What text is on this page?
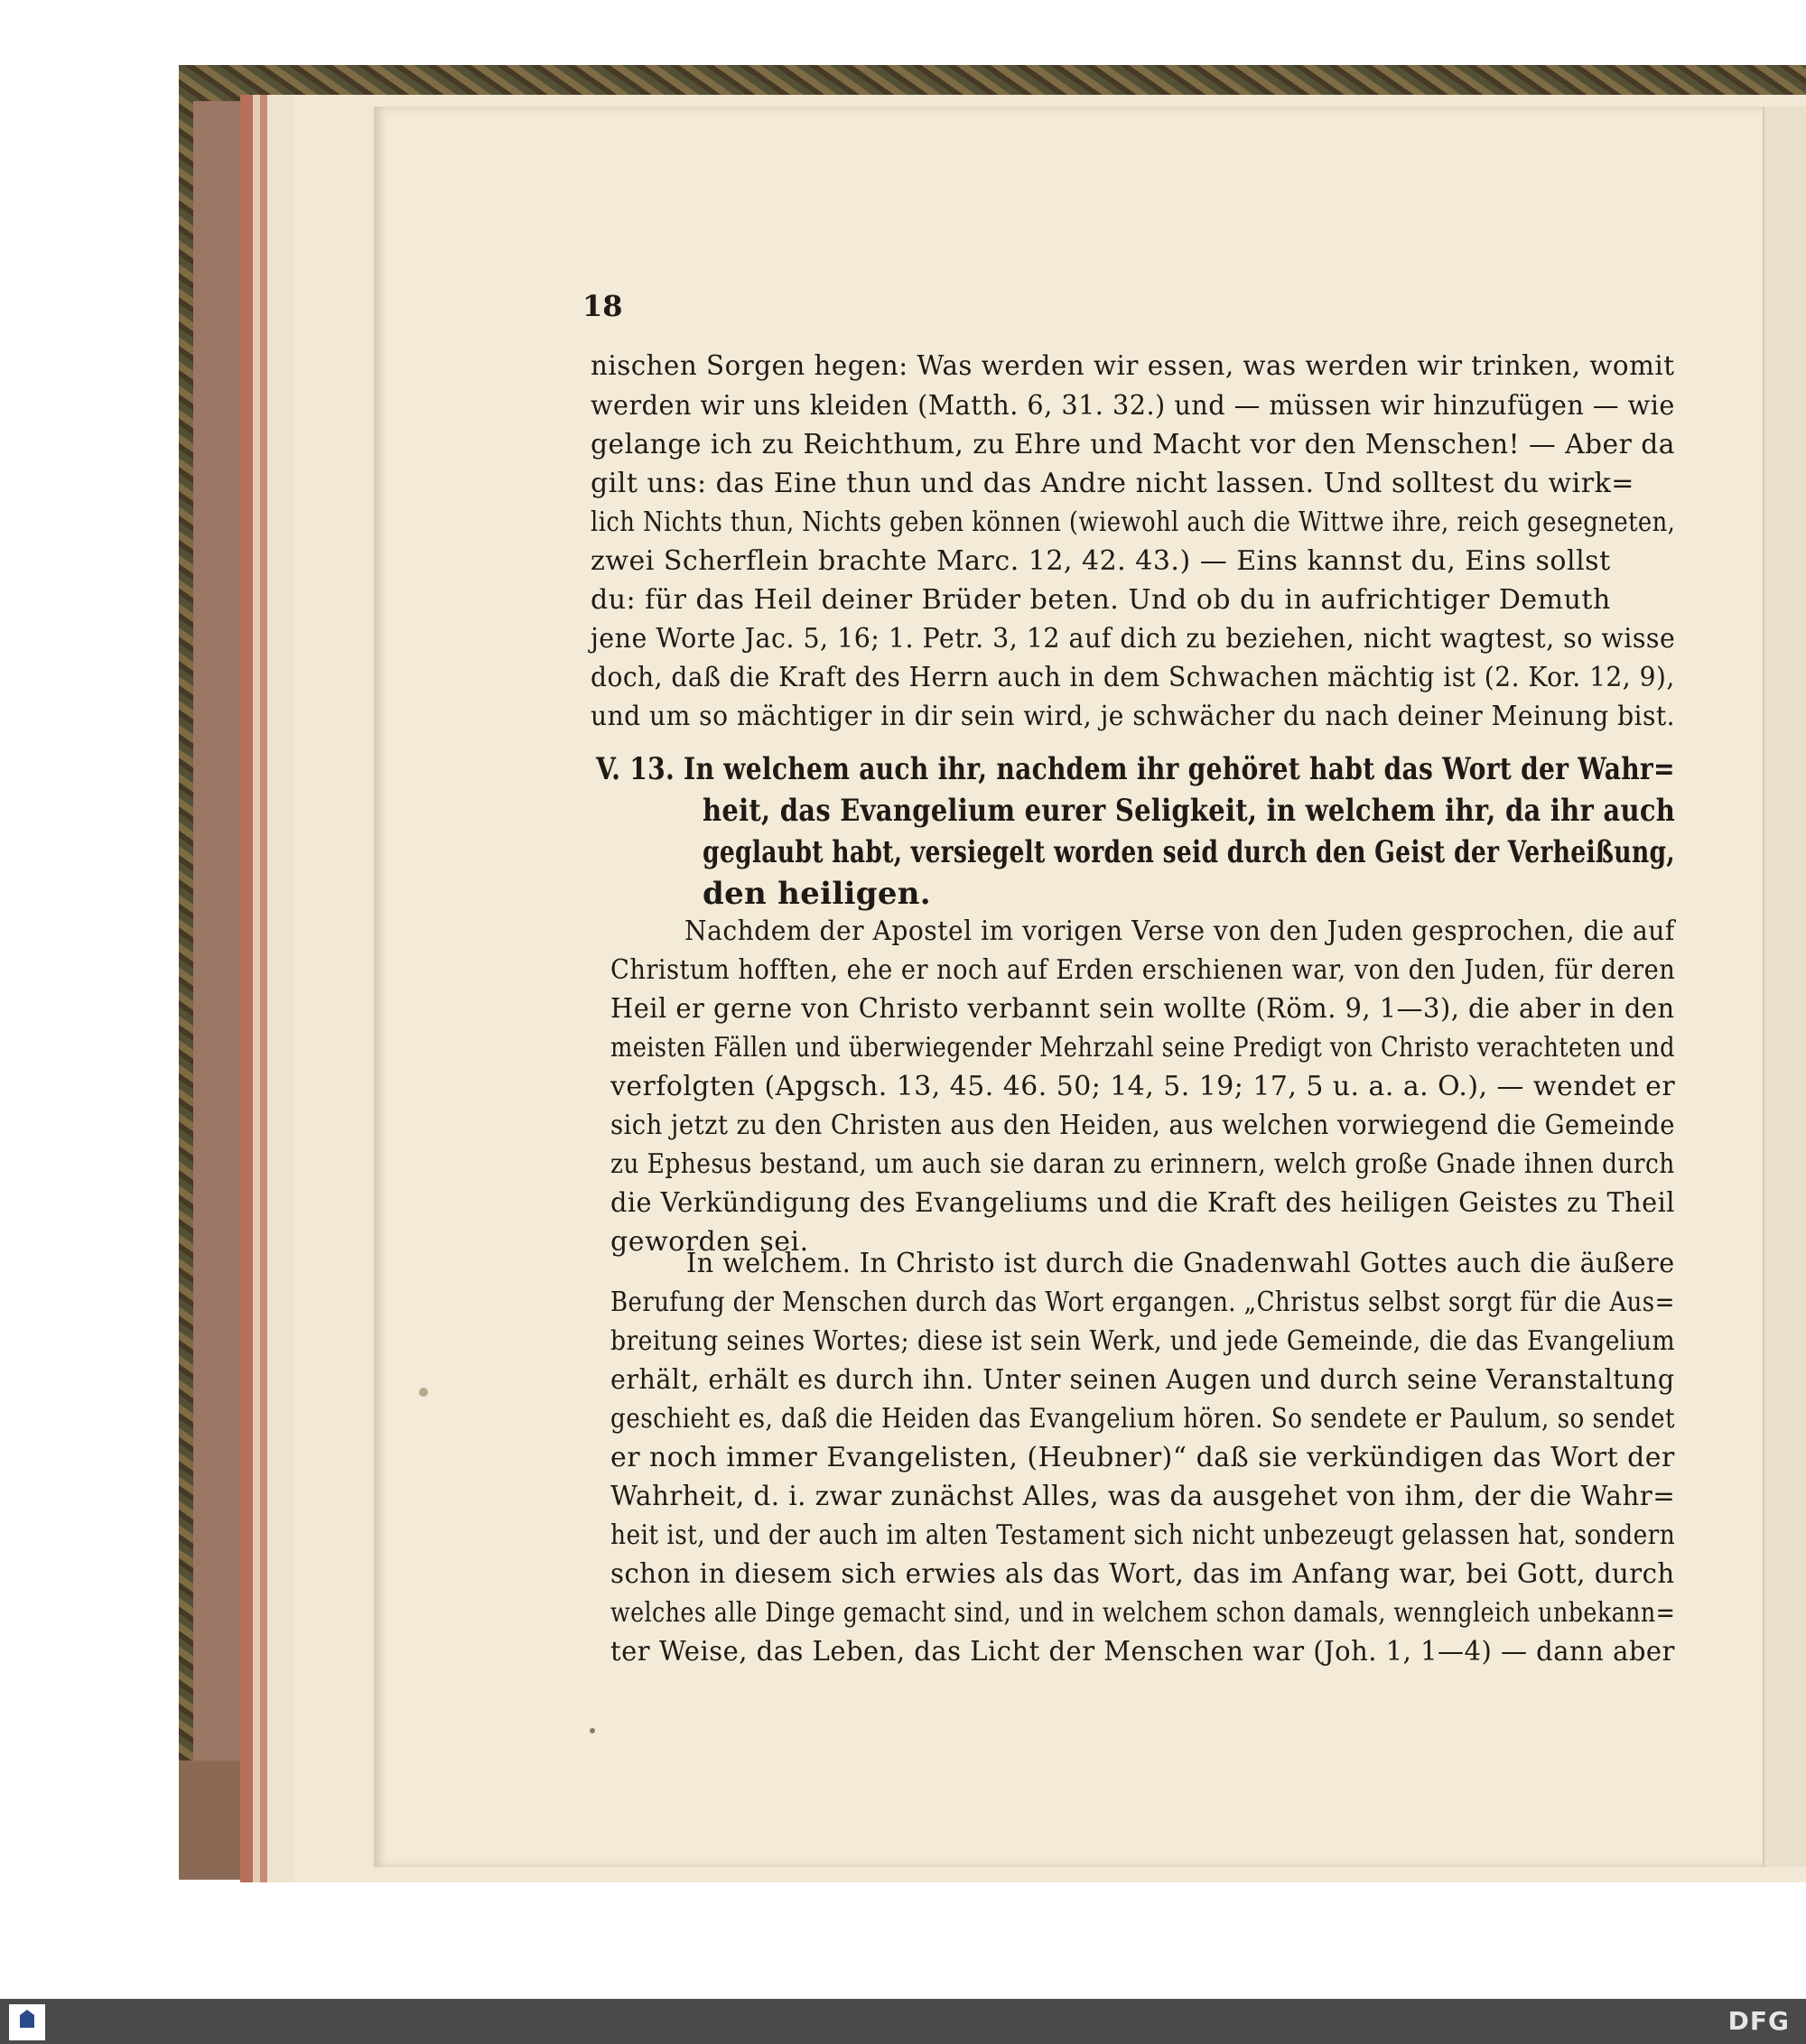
18
nischen Sorgen hegen: Was werden wir essen, was werden wir trinken, womit
werden wir uns kleiden (Matth. 6, 31. 32.) und — müssen wir hinzufügen — wie
gelange ich zu Reichthum, zu Ehre und Macht vor den Menschen! — Aber da
gilt uns: das Eine thun und das Andre nicht lassen. Und solltest du wirk=
lich Nichts thun, Nichts geben können (wiewohl auch die Wittwe ihre, reich gesegneten,
zwei Scherflein brachte Marc. 12, 42. 43.) — Eins kannst du, Eins sollst
du: für das Heil deiner Brüder beten. Und ob du in aufrichtiger Demuth
jene Worte Jac. 5, 16; 1. Petr. 3, 12 auf dich zu beziehen, nicht wagtest, so wisse
doch, daß die Kraft des Herrn auch in dem Schwachen mächtig ist (2. Kor. 12, 9),
und um so mächtiger in dir sein wird, je schwächer du nach deiner Meinung bist.
V. 13. In welchem auch ihr, nachdem ihr gehöret habt das Wort der Wahr=
heit, das Evangelium eurer Seligkeit, in welchem ihr, da ihr auch
geglaubt habt, versiegelt worden seid durch den Geist der Verheißung,
den heiligen.
Nachdem der Apostel im vorigen Verse von den Juden gesprochen, die auf
Christum hofften, ehe er noch auf Erden erschienen war, von den Juden, für deren
Heil er gerne von Christo verbannt sein wollte (Röm. 9, 1—3), die aber in den
meisten Fällen und überwiegender Mehrzahl seine Predigt von Christo verachteten und
verfolgten (Apgsch. 13, 45. 46. 50; 14, 5. 19; 17, 5 u. a. a. O.), — wendet er
sich jetzt zu den Christen aus den Heiden, aus welchen vorwiegend die Gemeinde
zu Ephesus bestand, um auch sie daran zu erinnern, welch große Gnade ihnen durch
die Verkündigung des Evangeliums und die Kraft des heiligen Geistes zu Theil
geworden sei.
In welchem. In Christo ist durch die Gnadenwahl Gottes auch die äußere
Berufung der Menschen durch das Wort ergangen. „Christus selbst sorgt für die Aus=
breitung seines Wortes; diese ist sein Werk, und jede Gemeinde, die das Evangelium
erhält, erhält es durch ihn. Unter seinen Augen und durch seine Veranstaltung
geschieht es, daß die Heiden das Evangelium hören. So sendete er Paulum, so sendet
er noch immer Evangelisten, (Heubner)“ daß sie verkündigen das Wort der
Wahrheit, d. i. zwar zunächst Alles, was da ausgehet von ihm, der die Wahr=
heit ist, und der auch im alten Testament sich nicht unbezeugt gelassen hat, sondern
schon in diesem sich erwies als das Wort, das im Anfang war, bei Gott, durch
welches alle Dinge gemacht sind, und in welchem schon damals, wenngleich unbekann=
ter Weise, das Leben, das Licht der Menschen war (Joh. 1, 1—4) — dann aber
DFG
